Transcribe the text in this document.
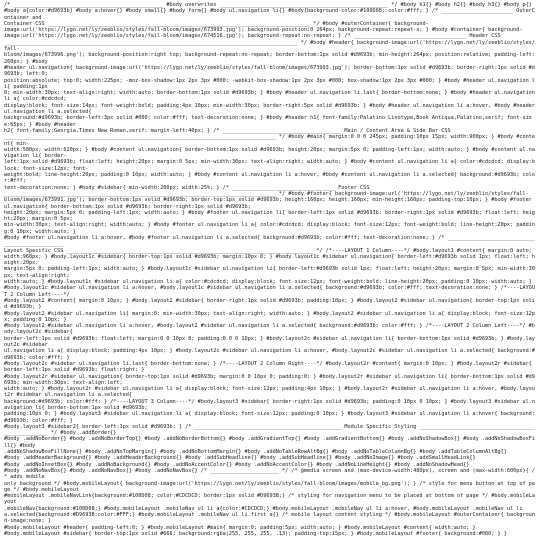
/* ________________________________________________ #body overwrites ______________________________________________________ */ #body h1{} #body h2{} #body h3{} #body p{}
#body a{color:#d9693b} #body a:hover{} #body small{} #body form{} #body ul.navigation li{} #body{background-color:#100D08; color:#fff; } /* _______________________ OuterContainer and
Container CSS ____________________________________________________________________________________ */ #body #outerContainer{ background-
image:url('https://lygo.net/ly/zeeblio/styles/fall-bloom/images/673993.jpg'); background-position:0 264px; background-repeat:repeat-x; } #body #container{ background-
image:url('https://lygo.net/ly/zeeblio/styles/fall-bloom/images/674516.jpg'); background-repeat:no-repeat; } /* ____________________________________ Header CSS
______________________________________________________________________________________________ */ #body #header{ background-image:url('https://lygo.net/ly/zeeblio/styles/fall-
bloom/images/673996.png'); background-position:right top; background-repeat:no-repeat; border-bottom:1px solid #d9693b; min-height:264px; position:relative; padding-left:260px; } #body
#header ul.navigation{ background-image:url('https://lygo.net/ly/zeeblio/styles/fall-bloom/images/673993.jpg'); border-bottom:1px solid #d9693b; border-right:1px solid #d9693b; left:0;
position:absolute; top:0; width:225px; -moz-box-shadow:1px 2px 3px #000; -webkit-box-shadow:1px 2px 3px #000; box-shadow:1px 2px 3px #000; } #body #header ul.navigation li{ padding:1px
0; min-width:30px; text-align:right; width:auto; border-bottom:1px solid #d9693b; } #body #header ul.navigation li.last{ border-bottom:none; } #body #header ul.navigation li a{ color:#cdcdcd;
display:block; font-size:14px; font-weight:bold; padding:4px 10px; min-width:30px; border-right:5px solid #d9693b; } #body #header ul.navigation li a:hover, #body #header ul.navigation li a.selected{
background:#d9693b; border-left:3px solid #000; color:#fff; text-decoration:none; } #body #header h1{ font-family:Palatino Linotype,Book Antiqua,Palatino,serif; font-size:65px; } #body #header
h2{ font-family:Georgia,Times New Roman,serif; margin-left:40px; } /* ______________________________________ Main / Content Area & Side Bar CSS
_______________________________________________________________________________________ */ #body #main{ margin:0 0 0 245px; padding:10px 15px; width:900px; } #body #content{ min-
width:580px; width:620px; } #body #content ul.navigation{ border-bottom:1px solid #d9693b; height:20px; margin:5px 0; padding-left:1px; width:auto; } #body #content ul.navigation li{ border-
left:1px solid #d9693b; float:left; height:20px; margin:0 5px; min-width:30px; text-align:right; width:auto; } #body #content ul.navigation li a{ color:#cdcdcd; display:block; font-size:12px; font-
weight:bold; line-height:20px; padding:0 10px; width:auto; } #body #content ul.navigation li a:hover, #body #content ul.navigation li a.selected{ background:#d9693b; color:#fff;
text-decoration:none; } #body #sidebar{ min-width:200px; width:25%; } /* _________________________________ Footer CSS
_______________________________________________________________________________________ */ #body #footer{ background-image:url('https://lygo.net/ly/zeeblio/styles/fall-
bloom/images/673991.jpg'); border-bottom:1px solid #d9693b; border-top:1px solid #d9693b; height:160px; height:160px; min-height:160px; padding-top:10px; } #body #footer ul.navigation{ border-bottom:1px solid #d9693b; border-right:1px solid #d9693b;
height:20px; margin:5px 0; padding-left:1px; width:auto; } #body #footer ul.navigation li{ border-left:1px solid #d9693b; border-right:1px solid #d9693b; float:left; height:20px; margin:0 5px;
min-width:30px; text-align:right; width:auto; } #body #footer ul.navigation li a{ color:#cdcdcd; display:block; font-size:12px; font-weight:bold; line-height:20px; padding:0 10px; width:auto; }
#body #footer ul.navigation li a:hover, #body #footer ul.navigation li a.selected{ background:#d9693b; color:#fff; text-decoration:none; } /* _______________________________________________
Layout Specific CSS _______________________________________________________________________________ */ /*----LAYOUT 1 Column----*/ #body.layout1 #content{ margin:0 auto;
width:960px; } #body.layout1c #sidebar{ border-top:1px solid #d9693b; margin:10px 0; } #body.layout1c #sidebar ul.navigation{ border-left:#d9693b solid 1px; float:left; height:20px;
margin:5px 0; padding-left:1px; width:auto; } #body.layout1c #sidebar ul.navigation li{ border-left:#d9693b solid 1px; float:left; height:20px; margin:0 5px; min-width:30px; text-align:right;
width:auto; } #body.layout1c #sidebar ul.navigation li a{ color:#cdcdcd; display:block; font-size:12px; font-weight:bold; line-height:20px; padding:0 10px; width:auto; }
#body.layout1c #sidebar ul.navigation li a:hover, #body.layout1c #sidebar ul.navigation li a.selected{ background:#d9693b; color:#fff; text-decoration:none; } /*----LAYOUT 2 Column Left----*/
#body.layout2 #content{ margin:0 10px; } #body.layout2 #sidebar{ border-right:1px solid #d9693b; padding:10px; } #body.layout2 #sidebar ul.navigation{ border-top:1px solid #d9693b; }
#body.layout2 #sidebar ul.navigation li{ margin:0; min-width:30px; text-align:right; width:auto; } #body.layout2 #sidebar ul.navigation li a{ display:block; font-size:12px; padding:0 10px; }
#body.layout2 #sidebar ul.navigation li a:hover, #body.layout2 #sidebar ul.navigation li a.selected{ background:#d9693b; color:#fff; } /*----LAYOUT 2 Column Left----*/ #body.layout2c #sidebar{
border-left:1px solid #d9693b; float:left; margin:0 0 10px 0; padding:0 0 0 10px; } #body.layout2c #sidebar ul.navigation li{ border-bottom:1px solid #d9693b; } #body.layout2c #sidebar
ul.navigation li a{ display:block; padding:4px 10px; } #body.layout2c #sidebar ul.navigation li a:hover, #body.layout2c #sidebar ul.navigation li a.selected{ background:#d9693b; color:#fff; }
#body.layout2c #sidebar ul.navigation li.last{ border-bottom:none; } /*----LAYOUT 2 Column Right----*/ #body.layout2r #content{ margin:0 10px; } #body.layout2r #sidebar{ border-left:1px solid #d9693b; float:right; }
#body.layout2r #sidebar ul.navigation{ border-top:1px solid #d9693b; margin:0 0 10px 0; padding:0; } #body.layout2r #sidebar ul.navigation li{ border-bottom:1px solid #d9693b; min-width:30px; text-align:left;
width:auto; } #body.layout2r #sidebar ul.navigation li a{ display:block; font-size:12px; padding:4px 10px; } #body.layout2r #sidebar ul.navigation li a:hover, #body.layout2r #sidebar ul.navigation li a.selected{
background:#d9693b; color:#fff; } /*----LAYOUT 3 Column----*/ #body.layout3 #sidebar{ border-right:1px solid #d9693b; padding:0 10px 0 10px; } #body.layout3 #sidebar ul.navigation li{ border-bottom:1px solid #d9693b;
padding:10px 0; } #body.layout3 #sidebar ul.navigation li a{ display:block; font-size:12px; padding:0 10px; } #body.layout3 #sidebar ul.navigation li a:hover{ background:#d9693b; color:#fff; }
#body.layout3 #sidebar2{ border-left:1px solid #d9693b; } /* _______________________________________________ Module Specific Styling ___________________________________________________ */ #body .addBorder{}
#body .addNoBorder{} #body .addNoBorderTop{} #body .addNoBorderBottom{} #body .addGradientTop{} #body .addGradientBottom{} #body .addNoShadowBox{} #body .addNoShadowBoxFill{} #body
.addNoShadowBoxFillNone{} #body .addNoTopMargin{} #body .addNoBottomMargin{} #body .addNoTableRowAltBg{} #body .addNoTableColumnBg{} #body .addTableColumnAltBg{}
#body .addHeaderBackground{} #body .addHeaderBackground{} #body .addSubHeadline{} #body .addSubHeadline{} #body .addNoImage{} #body .addSmallHeadLink{}
#body .addNoInsetBox{} #body .addNoBackground{} #body .addNoAccentColor{} #body .addNoAccentColor{} #body .addNoLineHeight{} #body .addNoShadowHead{}
#body .addNoNavBox{} #body .addNoNavBox{} #body .addNoNavBox{} /* ______________________ */ /* @media screen and (max-device-width:480px), screen and (max-width:600px){ /* adds mobile
only background */ #body.mobileLayout{ background-image:url('https://lygo.net/ly/zeeblio/styles/fall-bloom/images/mobile_bg.png'); } /* style for menu button at top of page */ #body.mobileLayout
#mobileLayout .mobileNavLink{background:#100D08; color:#CDCDCD; border:1px solid #D9693B;} /* styling for navigation menu to be placed at bottom of page */ #body.mobileLayout
.mobileNav{background:#100D08;} #body.mobileLayout .mobileNav ul li a{color:#CDCDCD;} #body.mobileLayout .mobileNav ul li a:hover, #body.mobileLayout .mobileNav ul li
a.selected{background:#D9693B;color:#FFF;} #body.mobileLayout .mobileNav ul li.first a{} /* mobile layout content styling */ #body.mobileLayout #outerContainer{ background-image:none; }
#body.mobileLayout #header{ padding-left:0; } #body.mobileLayout #main{ margin:0; padding:5px; width:auto; } #body.mobileLayout #content{ width:auto; }
#body.mobileLayout #sidebar{ border-top:1px solid #666; background:rgba(255, 255, 255, .13); padding-top:15px; } #body.mobileLayout #footer{ background:#000; } }
